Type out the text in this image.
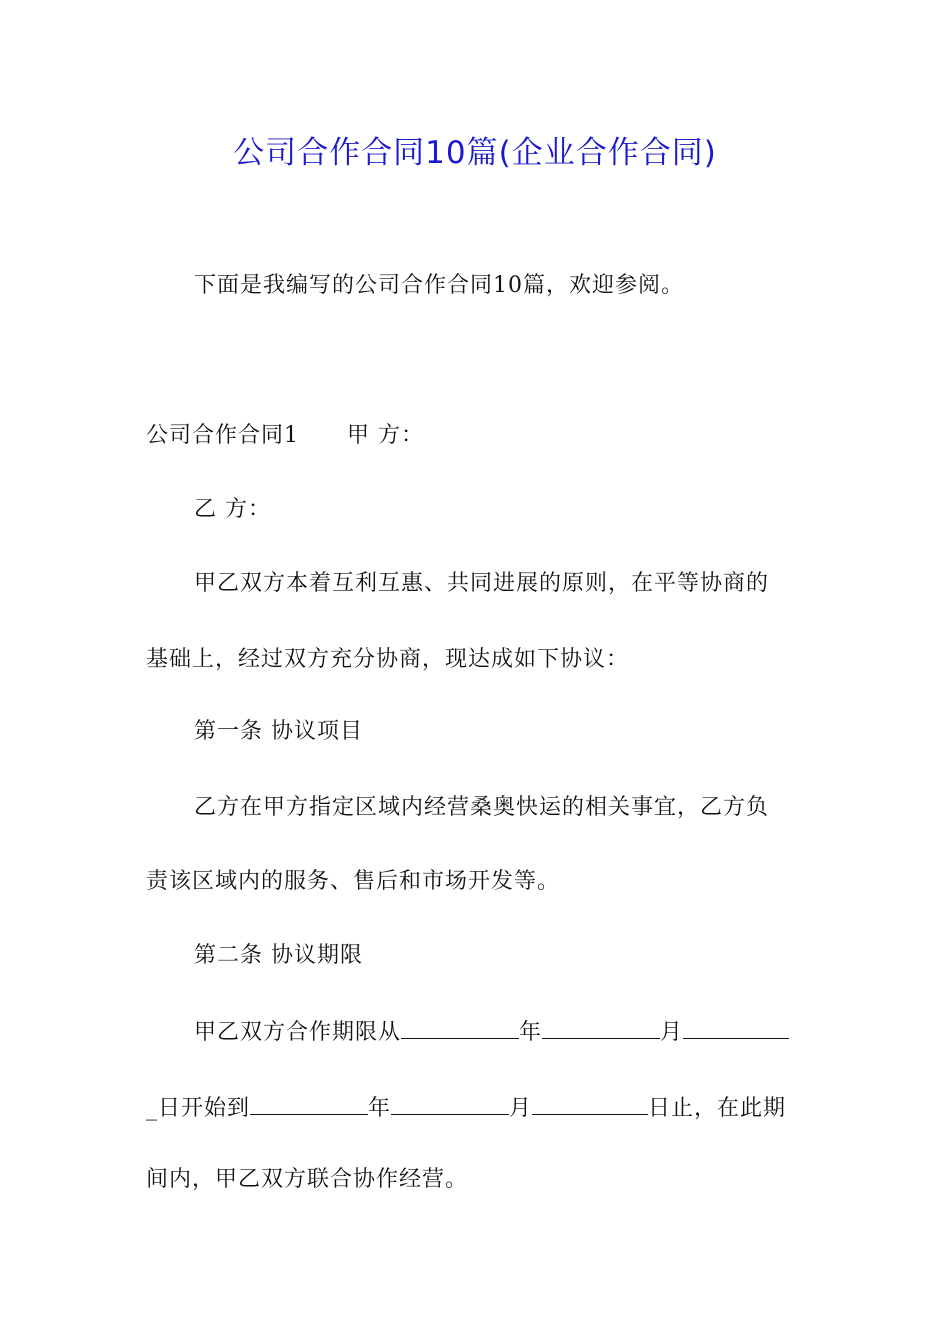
公司合作合同10篇(企业合作合同)
下面是我编写的公司合作合同10篇，欢迎参阅。
公司合作合同1 甲 方：
乙 方：
甲乙双方本着互利互惠、共同进展的原则，在平等协商的
基础上，经过双方充分协商，现达成如下协议：
第一条 协议项目
乙方在甲方指定区域内经营桑奥快运的相关事宜，乙方负
责该区域内的服务、售后和市场开发等。
第二条 协议期限
甲乙双方合作期限从	年	月
_日开始到	年	月	日止，在此期
间内，甲乙双方联合协作经营。
